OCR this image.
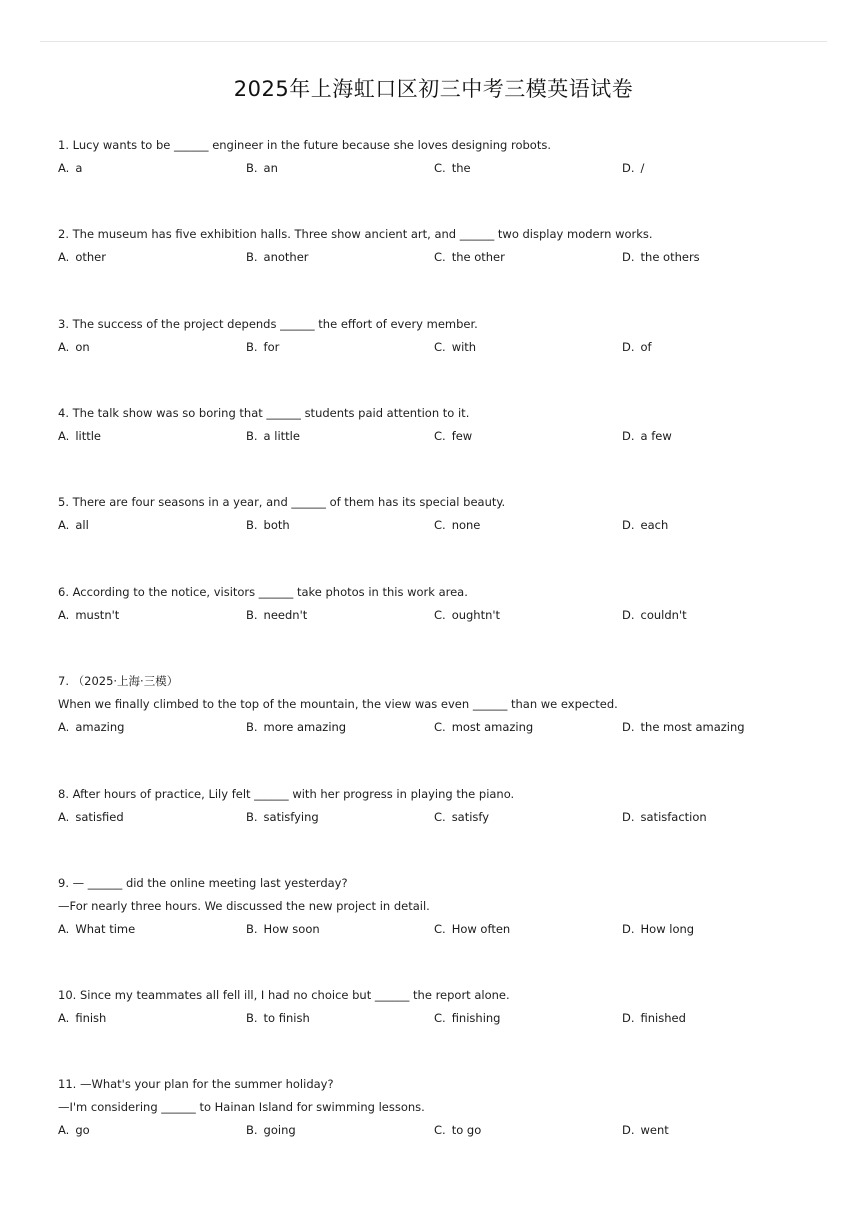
2025年上海虹口区初三中考三模英语试卷
1. Lucy wants to be ______ engineer in the future because she loves designing robots.
A. a	B. an	C. the	D. /
2. The museum has five exhibition halls. Three show ancient art, and ______ two display modern works.
A. other	B. another	C. the other	D. the others
3. The success of the project depends ______ the effort of every member.
A. on	B. for	C. with	D. of
4. The talk show was so boring that ______ students paid attention to it.
A. little	B. a little	C. few	D. a few
5. There are four seasons in a year, and ______ of them has its special beauty.
A. all	B. both	C. none	D. each
6. According to the notice, visitors ______ take photos in this work area.
A. mustn't	B. needn't	C. oughtn't	D. couldn't
7. （2025·上海·三模）
When we finally climbed to the top of the mountain, the view was even ______ than we expected.
A. amazing	B. more amazing	C. most amazing	D. the most amazing
8. After hours of practice, Lily felt ______ with her progress in playing the piano.
A. satisfied	B. satisfying	C. satisfy	D. satisfaction
9. — ______ did the online meeting last yesterday?
—For nearly three hours. We discussed the new project in detail.
A. What time	B. How soon	C. How often	D. How long
10. Since my teammates all fell ill, I had no choice but ______ the report alone.
A. finish	B. to finish	C. finishing	D. finished
11. —What's your plan for the summer holiday?
—I'm considering ______ to Hainan Island for swimming lessons.
A. go	B. going	C. to go	D. went
